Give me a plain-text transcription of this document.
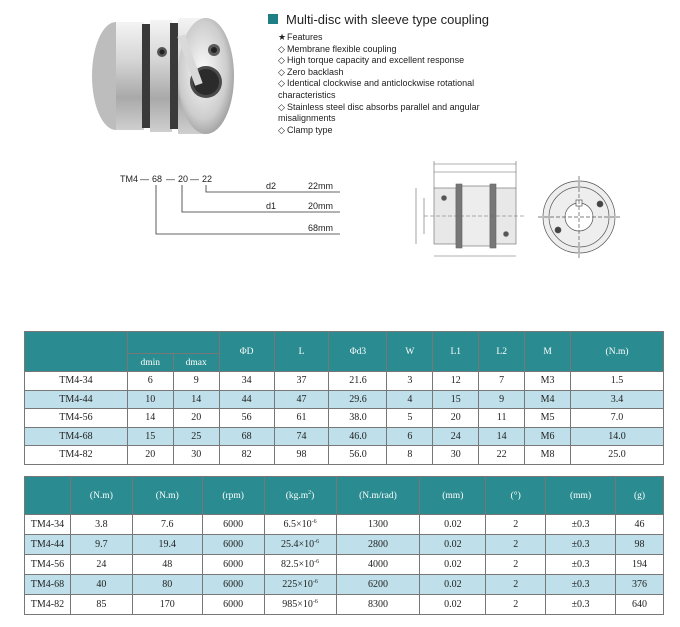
Multi-disc with sleeve type coupling
★Features
◇ Membrane flexible coupling
◇ High torque capacity and excellent response
◇ Zero backlash
◇ Identical clockwise and anticlockwise rotational characteristics
◇ Stainless steel disc absorbs parallel and angular misalignments
◇ Clamp type
TM4 — 68 — 20 — 22
d2	22mm
d1	20mm
68mm
			ΦD	L	Φd3	W	L1	L2	M	(N.m)
	dmin	dmax								
TM4-34	6	9	34	37	21.6	3	12	7	M3	1.5
TM4-44	10	14	44	47	29.6	4	15	9	M4	3.4
TM4-56	14	20	56	61	38.0	5	20	11	M5	7.0
TM4-68	15	25	68	74	46.0	6	24	14	M6	14.0
TM4-82	20	30	82	98	56.0	8	30	22	M8	25.0
	(N.m)	(N.m)	(rpm)	$(kg.m^2)$	(N.m/rad)	(mm)	(°)	(mm)	(g)
TM4-34	3.8	7.6	6000	$6.5\times 10^{-6}$	1300	0.02	2	±0.3	46
TM4-44	9.7	19.4	6000	$25.4\times 10^{-6}$	2800	0.02	2	±0.3	98
TM4-56	24	48	6000	$82.5\times 10^{-6}$	4000	0.02	2	±0.3	194
TM4-68	40	80	6000	$225\times 10^{-6}$	6200	0.02	2	±0.3	376
TM4-82	85	170	6000	$985\times 10^{-6}$	8300	0.02	2	±0.3	640
